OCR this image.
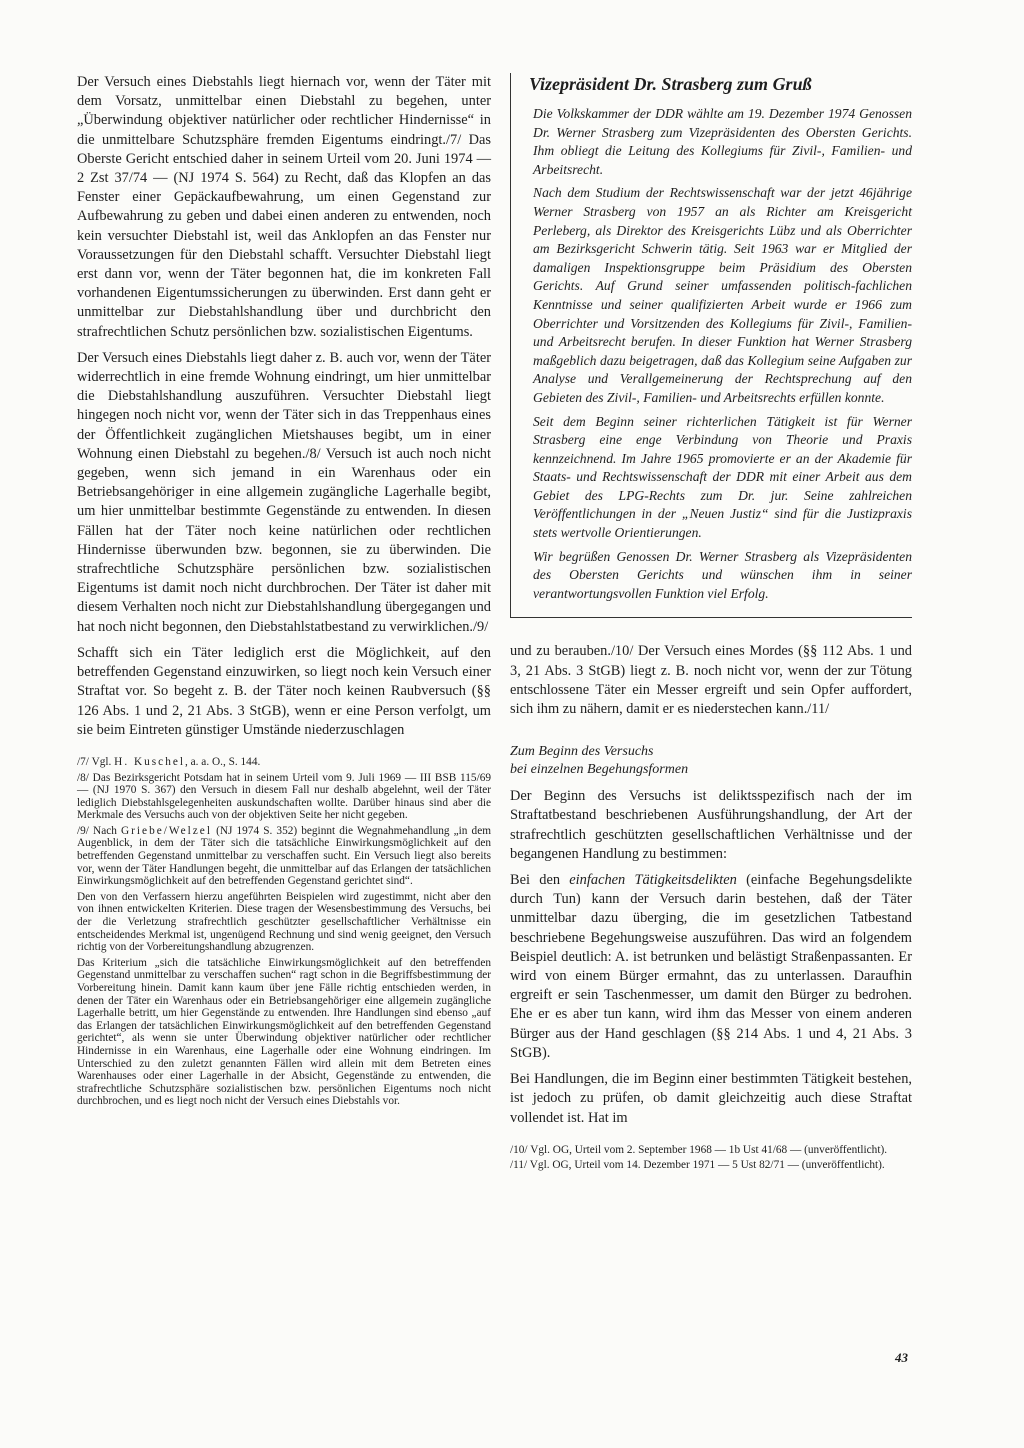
Der Versuch eines Diebstahls liegt hiernach vor, wenn der Täter mit dem Vorsatz, unmittelbar einen Diebstahl zu begehen, unter „Überwindung objektiver natürlicher oder rechtlicher Hindernisse“ in die unmittelbare Schutzsphäre fremden Eigentums eindringt./7/ Das Oberste Gericht entschied daher in seinem Urteil vom 20. Juni 1974 — 2 Zst 37/74 — (NJ 1974 S. 564) zu Recht, daß das Klopfen an das Fenster einer Gepäckaufbewahrung, um einen Gegenstand zur Aufbewahrung zu geben und dabei einen anderen zu entwenden, noch kein versuchter Diebstahl ist, weil das Anklopfen an das Fenster nur Voraussetzungen für den Diebstahl schafft. Versuchter Diebstahl liegt erst dann vor, wenn der Täter begonnen hat, die im konkreten Fall vorhandenen Eigentumssicherungen zu überwinden. Erst dann geht er unmittelbar zur Diebstahlshandlung über und durchbricht den strafrechtlichen Schutz persönlichen bzw. sozialistischen Eigentums.

Der Versuch eines Diebstahls liegt daher z. B. auch vor, wenn der Täter widerrechtlich in eine fremde Wohnung eindringt, um hier unmittelbar die Diebstahlshandlung auszuführen. Versuchter Diebstahl liegt hingegen noch nicht vor, wenn der Täter sich in das Treppenhaus eines der Öffentlichkeit zugänglichen Mietshauses begibt, um in einer Wohnung einen Diebstahl zu begehen./8/ Versuch ist auch noch nicht gegeben, wenn sich jemand in ein Warenhaus oder ein Betriebsangehöriger in eine allgemein zugängliche Lagerhalle begibt, um hier unmittelbar bestimmte Gegenstände zu entwenden. In diesen Fällen hat der Täter noch keine natürlichen oder rechtlichen Hindernisse überwunden bzw. begonnen, sie zu überwinden. Die strafrechtliche Schutzsphäre persönlichen bzw. sozialistischen Eigentums ist damit noch nicht durchbrochen. Der Täter ist daher mit diesem Verhalten noch nicht zur Diebstahlshandlung übergegangen und hat noch nicht begonnen, den Diebstahlstatbestand zu verwirklichen./9/

Schafft sich ein Täter lediglich erst die Möglichkeit, auf den betreffenden Gegenstand einzuwirken, so liegt noch kein Versuch einer Straftat vor. So begeht z. B. der Täter noch keinen Raubversuch (§§ 126 Abs. 1 und 2, 21 Abs. 3 StGB), wenn er eine Person verfolgt, um sie beim Eintreten günstiger Umstände niederzuschlagen

/7/ Vgl. H. Kuschel, a. a. O., S. 144.

/8/ Das Bezirksgericht Potsdam hat in seinem Urteil vom 9. Juli 1969 — III BSB 115/69 — (NJ 1970 S. 367) den Versuch in diesem Fall nur deshalb abgelehnt, weil der Täter lediglich Diebstahlsgelegenheiten auskundschaften wollte. Darüber hinaus sind aber die Merkmale des Versuchs auch von der objektiven Seite her nicht gegeben.

/9/ Nach Griebe/Welzel (NJ 1974 S. 352) beginnt die Wegnahmehandlung „in dem Augenblick, in dem der Täter sich die tatsächliche Einwirkungsmöglichkeit auf den betreffenden Gegenstand unmittelbar zu verschaffen sucht. Ein Versuch liegt also bereits vor, wenn der Täter Handlungen begeht, die unmittelbar auf das Erlangen der tatsächlichen Einwirkungsmöglichkeit auf den betreffenden Gegenstand gerichtet sind“.

Den von den Verfassern hierzu angeführten Beispielen wird zugestimmt, nicht aber den von ihnen entwickelten Kriterien. Diese tragen der Wesensbestimmung des Versuchs, bei der die Verletzung strafrechtlich geschützter gesellschaftlicher Verhältnisse ein entscheidendes Merkmal ist, ungenügend Rechnung und sind wenig geeignet, den Versuch richtig von der Vorbereitungshandlung abzugrenzen.

Das Kriterium „sich die tatsächliche Einwirkungsmöglichkeit auf den betreffenden Gegenstand unmittelbar zu verschaffen suchen“ ragt schon in die Begriffsbestimmung der Vorbereitung hinein. Damit kann kaum über jene Fälle richtig entschieden werden, in denen der Täter ein Warenhaus oder ein Betriebsangehöriger eine allgemein zugängliche Lagerhalle betritt, um hier Gegenstände zu entwenden. Ihre Handlungen sind ebenso „auf das Erlangen der tatsächlichen Einwirkungsmöglichkeit auf den betreffenden Gegenstand gerichtet“, als wenn sie unter Überwindung objektiver natürlicher oder rechtlicher Hindernisse in ein Warenhaus, eine Lagerhalle oder eine Wohnung eindringen. Im Unterschied zu den zuletzt genannten Fällen wird allein mit dem Betreten eines Warenhauses oder einer Lagerhalle in der Absicht, Gegenstände zu entwenden, die strafrechtliche Schutzsphäre sozialistischen bzw. persönlichen Eigentums noch nicht durchbrochen, und es liegt noch nicht der Versuch eines Diebstahls vor.

Vizepräsident Dr. Strasberg zum Gruß

Die Volkskammer der DDR wählte am 19. Dezember 1974 Genossen Dr. Werner Strasberg zum Vizepräsidenten des Obersten Gerichts. Ihm obliegt die Leitung des Kollegiums für Zivil-, Familien- und Arbeitsrecht.

Nach dem Studium der Rechtswissenschaft war der jetzt 46jährige Werner Strasberg von 1957 an als Richter am Kreisgericht Perleberg, als Direktor des Kreisgerichts Lübz und als Oberrichter am Bezirksgericht Schwerin tätig. Seit 1963 war er Mitglied der damaligen Inspektionsgruppe beim Präsidium des Obersten Gerichts. Auf Grund seiner umfassenden politisch-fachlichen Kenntnisse und seiner qualifizierten Arbeit wurde er 1966 zum Oberrichter und Vorsitzenden des Kollegiums für Zivil-, Familien- und Arbeitsrecht berufen. In dieser Funktion hat Werner Strasberg maßgeblich dazu beigetragen, daß das Kollegium seine Aufgaben zur Analyse und Verallgemeinerung der Rechtsprechung auf den Gebieten des Zivil-, Familien- und Arbeitsrechts erfüllen konnte.

Seit dem Beginn seiner richterlichen Tätigkeit ist für Werner Strasberg eine enge Verbindung von Theorie und Praxis kennzeichnend. Im Jahre 1965 promovierte er an der Akademie für Staats- und Rechtswissenschaft der DDR mit einer Arbeit aus dem Gebiet des LPG-Rechts zum Dr. jur. Seine zahlreichen Veröffentlichungen in der „Neuen Justiz“ sind für die Justizpraxis stets wertvolle Orientierungen.

Wir begrüßen Genossen Dr. Werner Strasberg als Vizepräsidenten des Obersten Gerichts und wünschen ihm in seiner verantwortungsvollen Funktion viel Erfolg.

und zu berauben./10/ Der Versuch eines Mordes (§§ 112 Abs. 1 und 3, 21 Abs. 3 StGB) liegt z. B. noch nicht vor, wenn der zur Tötung entschlossene Täter ein Messer ergreift und sein Opfer auffordert, sich ihm zu nähern, damit er es niederstechen kann./11/

Zum Beginn des Versuchs
bei einzelnen Begehungsformen

Der Beginn des Versuchs ist deliktsspezifisch nach der im Straftatbestand beschriebenen Ausführungshandlung, der Art der strafrechtlich geschützten gesellschaftlichen Verhältnisse und der begangenen Handlung zu bestimmen:

Bei den einfachen Tätigkeitsdelikten (einfache Begehungsdelikte durch Tun) kann der Versuch darin bestehen, daß der Täter unmittelbar dazu überging, die im gesetzlichen Tatbestand beschriebene Begehungsweise auszuführen. Das wird an folgendem Beispiel deutlich: A. ist betrunken und belästigt Straßenpassanten. Er wird von einem Bürger ermahnt, das zu unterlassen. Daraufhin ergreift er sein Taschenmesser, um damit den Bürger zu bedrohen. Ehe er es aber tun kann, wird ihm das Messer von einem anderen Bürger aus der Hand geschlagen (§§ 214 Abs. 1 und 4, 21 Abs. 3 StGB).

Bei Handlungen, die im Beginn einer bestimmten Tätigkeit bestehen, ist jedoch zu prüfen, ob damit gleichzeitig auch diese Straftat vollendet ist. Hat im

/10/ Vgl. OG, Urteil vom 2. September 1968 — 1b Ust 41/68 — (unveröffentlicht).

/11/ Vgl. OG, Urteil vom 14. Dezember 1971 — 5 Ust 82/71 — (unveröffentlicht).

43
